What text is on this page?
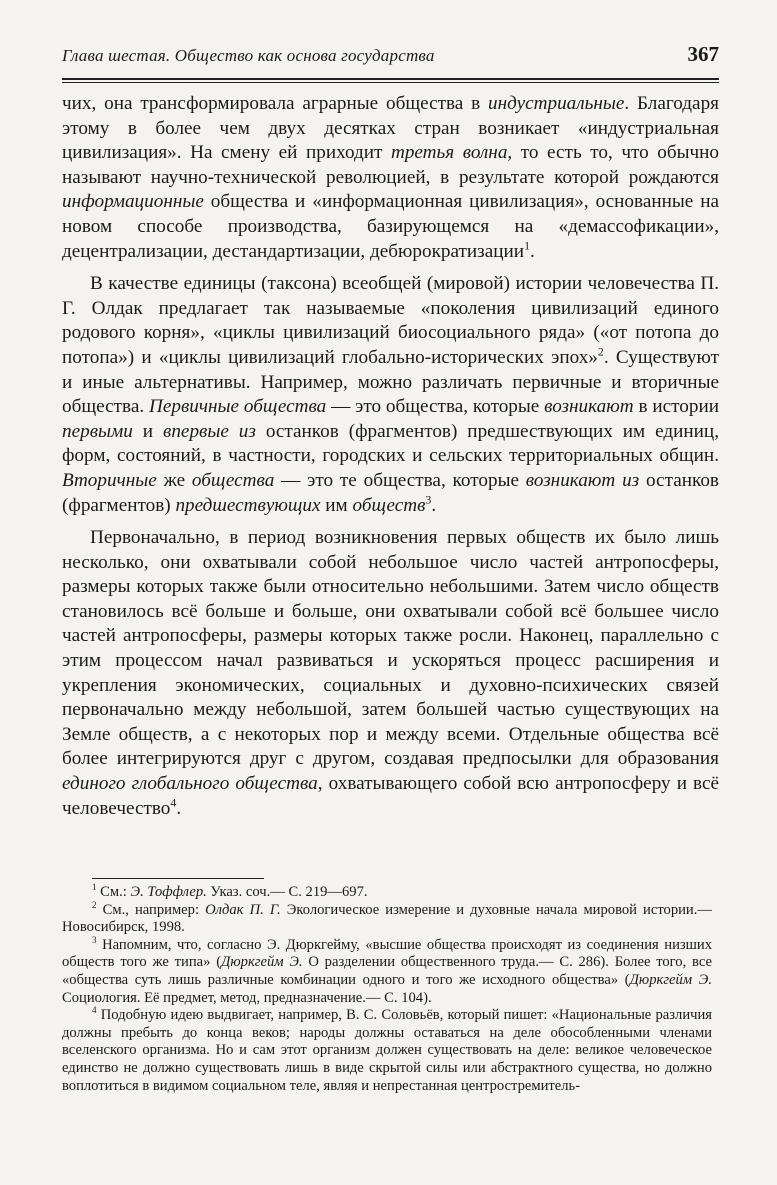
Глава шестая. Общество как основа государства	367

чих, она трансформировала аграрные общества в индустриальные. Благодаря этому в более чем двух десятках стран возникает «индустриальная цивилизация». На смену ей приходит третья волна, то есть то, что обычно называют научно-технической революцией, в результате которой рождаются информационные общества и «информационная цивилизация», основанные на новом способе производства, базирующемся на «демассофикации», децентрализации, дестандартизации, дебюрократизации$^1$.

В качестве единицы (таксона) всеобщей (мировой) истории человечества П. Г. Олдак предлагает так называемые «поколения цивилизаций единого родового корня», «циклы цивилизаций биосоциального ряда» («от потопа до потопа») и «циклы цивилизаций глобально-исторических эпох»$^2$. Существуют и иные альтернативы. Например, можно различать первичные и вторичные общества. Первичные общества — это общества, которые возникают в истории первыми и впервые из останков (фрагментов) предшествующих им единиц, форм, состояний, в частности, городских и сельских территориальных общин. Вторичные же общества — это те общества, которые возникают из останков (фрагментов) предшествующих им обществ$^3$.

Первоначально, в период возникновения первых обществ их было лишь несколько, они охватывали собой небольшое число частей антропосферы, размеры которых также были относительно небольшими. Затем число обществ становилось всё больше и больше, они охватывали собой всё большее число частей антропосферы, размеры которых также росли. Наконец, параллельно с этим процессом начал развиваться и ускоряться процесс расширения и укрепления экономических, социальных и духовно-психических связей первоначально между небольшой, затем большей частью существующих на Земле обществ, а с некоторых пор и между всеми. Отдельные общества всё более интегрируются друг с другом, создавая предпосылки для образования единого глобального общества, охватывающего собой всю антропосферу и всё человечество$^4$.

$^1$ См.: Э. Тоффлер. Указ. соч.— С. 219—697.

$^2$ См., например: Олдак П. Г. Экологическое измерение и духовные начала мировой истории.— Новосибирск, 1998.

$^3$ Напомним, что, согласно Э. Дюркгейму, «высшие общества происходят из соединения низших обществ того же типа» (Дюркгейм Э. О разделении общественного труда.— С. 286). Более того, все «общества суть лишь различные комбинации одного и того же исходного общества» (Дюркгейм Э. Социология. Её предмет, метод, предназначение.— С. 104).

$^4$ Подобную идею выдвигает, например, В. С. Соловьёв, который пишет: «Национальные различия должны пребыть до конца веков; народы должны оставаться на деле обособленными членами вселенского организма. Но и сам этот организм должен существовать на деле: великое человеческое единство не должно существовать лишь в виде скрытой силы или абстрактного существа, но должно воплотиться в видимом социальном теле, являя и непрестанная центростремитель-
